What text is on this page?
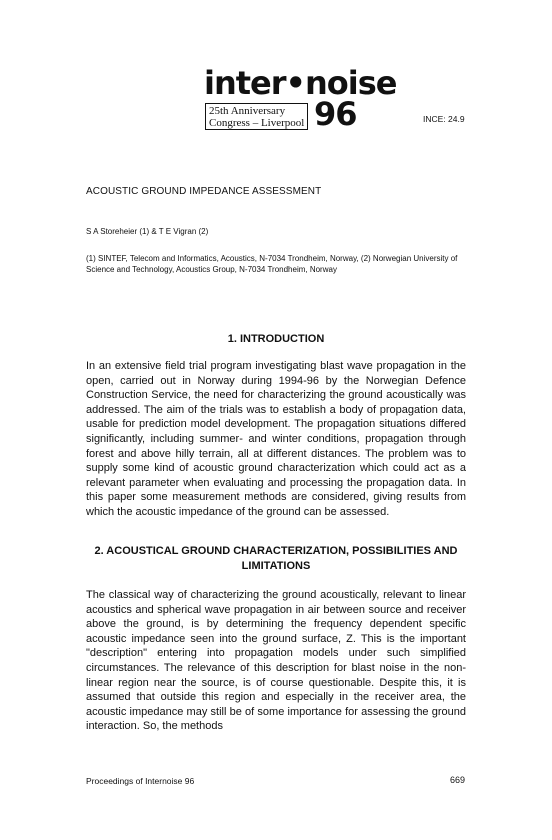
inter•noise
25th Anniversary
Congress – Liverpool 96	INCE: 24.9
ACOUSTIC GROUND IMPEDANCE ASSESSMENT
S A Storeheier (1) & T E Vigran (2)
(1) SINTEF, Telecom and Informatics, Acoustics, N-7034 Trondheim, Norway, (2) Norwegian University of Science and Technology, Acoustics Group, N-7034 Trondheim, Norway
1. INTRODUCTION
In an extensive field trial program investigating blast wave propagation in the open, carried out in Norway during 1994-96 by the Norwegian Defence Construction Service, the need for characterizing the ground acoustically was addressed. The aim of the trials was to establish a body of propagation data, usable for prediction model development. The propagation situations differed significantly, including summer- and winter conditions, propagation through forest and above hilly terrain, all at different distances. The problem was to supply some kind of acoustic ground characterization which could act as a relevant parameter when evaluating and processing the propagation data. In this paper some measurement methods are considered, giving results from which the acoustic impedance of the ground can be assessed.
2. ACOUSTICAL GROUND CHARACTERIZATION, POSSIBILITIES AND LIMITATIONS
The classical way of characterizing the ground acoustically, relevant to linear acoustics and spherical wave propagation in air between source and receiver above the ground, is by determining the frequency dependent specific acoustic impedance seen into the ground surface, Z. This is the important "description" entering into propagation models under such simplified circumstances. The relevance of this description for blast noise in the non-linear region near the source, is of course questionable. Despite this, it is assumed that outside this region and especially in the receiver area, the acoustic impedance may still be of some importance for assessing the ground interaction. So, the methods
Proceedings of Internoise 96	669
